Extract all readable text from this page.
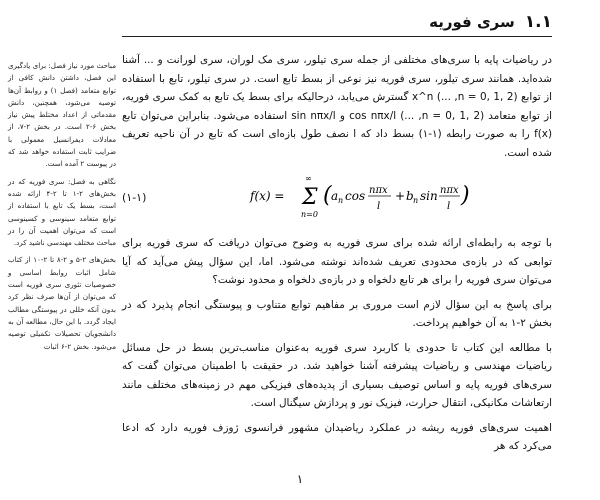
۱.۱
سری فوریه

در ریاضیات پایه با سری‌های مختلفی از جمله سری تیلور، سری مک لوران، سری لورانت و ... آشنا شده‌اید. همانند سری تیلور، سری فوریه نیز نوعی از بسط تابع است. در سری تیلور، تابع با استفاده از توابع (n = 0, 1, 2, ...) x^n گسترش می‌یابد، درحالیکه برای بسط یک تابع به کمک سری فوریه، از توابع متعامد (n = 0, 1, 2, ...) cos nπx/l و sin nπx/l استفاده می‌شود. بنابراین می‌توان تابع f(x) را به صورت رابطه (۱-۱) بسط داد که l نصف طول بازه‌ای است که تابع در آن ناحیه تعریف شده است.

(۱-۱)	f(x) = Σ
∞
n=0
( a n cos nπx
l
+ b n sin nπx
l )

با توجه به رابطه‌ای ارائه شده برای سری فوریه به وضوح می‌توان دریافت که سری فوریه برای توابعی که در بازه‌ی محدودی تعریف شده‌اند نوشته می‌شود. اما، این سؤال پیش می‌آید که آیا می‌توان سری فوریه را برای هر تابع دلخواه و در بازه‌ی دلخواه و محدود نوشت؟

برای پاسخ به این سؤال لازم است مروری بر مفاهیم توابع متناوب و پیوستگی انجام پذیرد که در بخش ۲-۱ به آن خواهیم پرداخت.

با مطالعه این کتاب تا حدودی با کاربرد سری فوریه به‌عنوان مناسب‌ترین بسط در حل مسائل ریاضیات مهندسی و ریاضیات پیشرفته آشنا خواهید شد. در حقیقت با اطمینان می‌توان گفت که سری‌های فوریه پایه و اساس توصیف بسیاری از پدیده‌های فیزیکی مهم در زمینه‌های مختلف مانند ارتعاشات مکانیکی، انتقال حرارت، فیزیک نور و پردازش سیگنال است.

اهمیت سری‌های فوریه ریشه در عملکرد ریاضیدان مشهور فرانسوی ژوزف فوریه دارد که ادعا می‌کرد که هر

مباحث مورد نیاز فصل: برای یادگیری این فصل، داشتن دانش کافی از توابع متعامد (فصل ۱) و روابط آن‌ها توصیه می‌شود، همچنین، دانش مقدماتی از اعداد مختلط پیش نیاز بخش ۶-۲ است. در بخش ۲-۷، از معادلات دیفرانسیل معمولی با ضرایب ثابت استفاده خواهد شد که در پیوست ۲ آمده است.

نگاهی به فصل: سری فوریه که در بخش‌های ۲-۱ تا ۲-۴ ارائه شده است، بسط یک تابع با استفاده از توابع متعامد سینوسی و کسینوسی است که می‌توان اهمیت آن را در مباحث مختلف مهندسی ناشید کرد.

بخش‌های ۲-۵ و ۲-۸ تا ۲-۱۰ از کتاب شامل اثبات روابط اساسی و خصوصیات تئوری سری فوریه است که می‌توان از آن‌ها صرف نظر کرد بدون آنکه خللی در پیوستگی مطالب ایجاد گردد. با این حال، مطالعه آن به دانشجویان تحصیلات تکمیلی توصیه می‌شود. بخش ۲-۶ اثبات

۱
